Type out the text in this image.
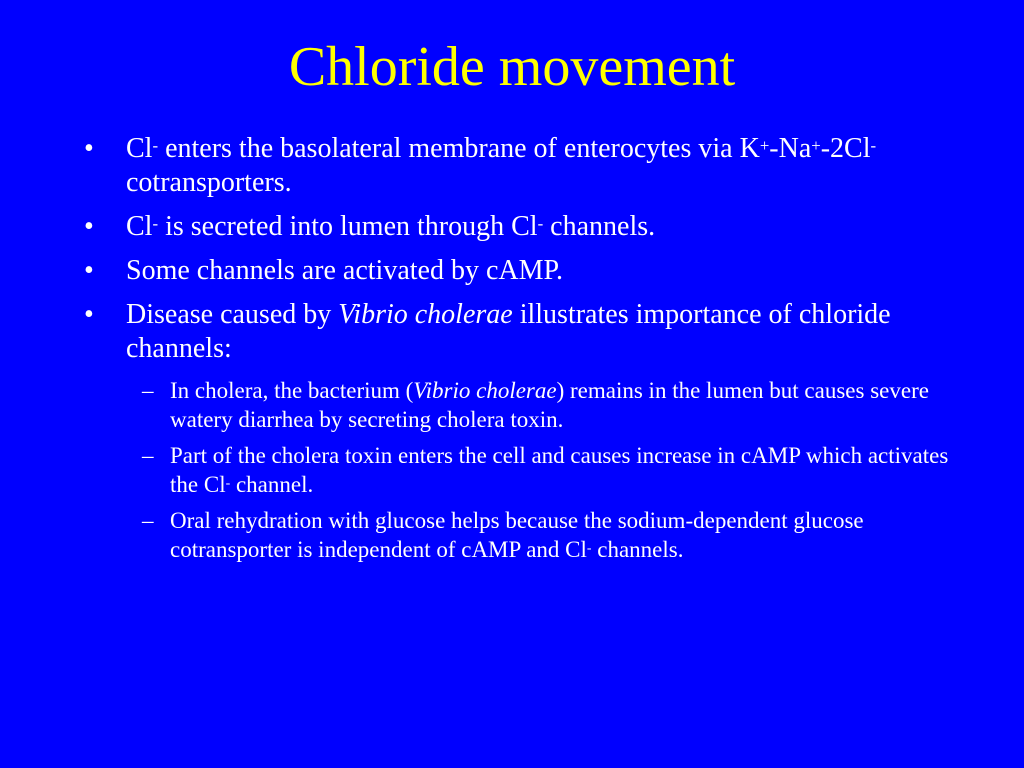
Chloride movement
•	Cl- enters the basolateral membrane of enterocytes via K+-Na+-2Cl- cotransporters.
•	Cl- is secreted into lumen through Cl- channels.
•	Some channels are activated by cAMP.
•	Disease caused by Vibrio cholerae illustrates importance of chloride channels:
– In cholera, the bacterium (Vibrio cholerae) remains in the lumen but causes severe watery diarrhea by secreting cholera toxin.
– Part of the cholera toxin enters the cell and causes increase in cAMP which activates the Cl- channel.
– Oral rehydration with glucose helps because the sodium-dependent glucose cotransporter is independent of cAMP and Cl- channels.
